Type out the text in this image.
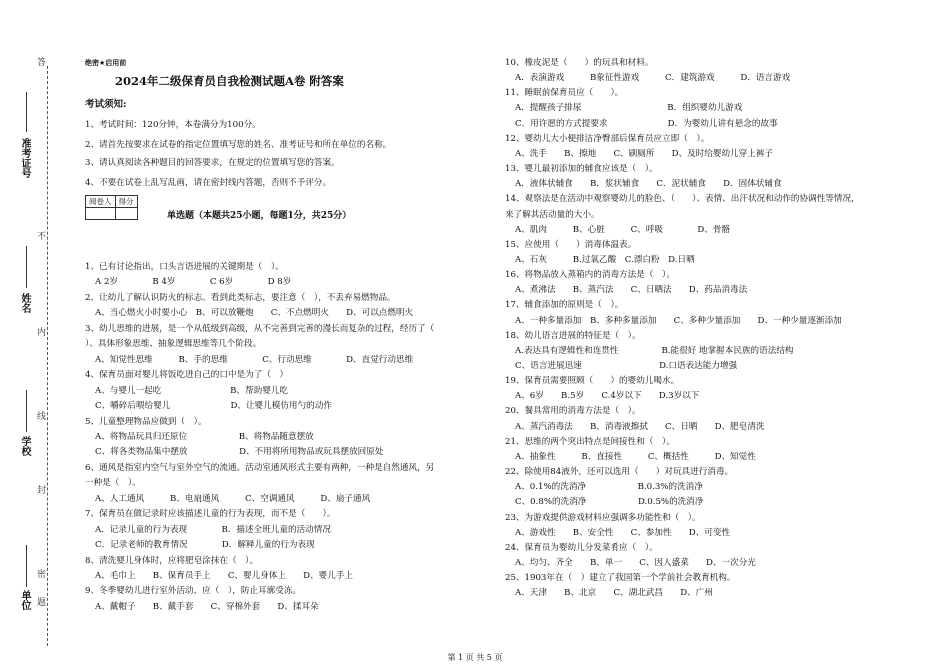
答
不
内
线
封
密
题
准考证号
姓名
学校
单位
绝密★启用前
2024年二级保育员自我检测试题A卷 附答案
考试须知:
1、考试时间：120分钟，本卷满分为100分。
2、请首先按要求在试卷的指定位置填写您的姓名、准考证号和所在单位的名称。
3、请认真阅读各种题目的回答要求，在规定的位置填写您的答案。
4、不要在试卷上乱写乱画，请在密封线内答题，否则不予评分。
阅卷人	得分

单选题（本题共25小题，每题1分，共25分）
1、已有讨论指出，口头言语进展的关键期是（　）。
A 2岁　　　　B 4岁　　　　C 6岁　　　　D 8岁
2、让幼儿了解认识防火的标志。看到此类标志，要注意（　），不丢弃易燃物品。
A、当心燃火小时要小心　B、可以放鞭炮　　C、不点燃明火　　D、可以点燃明火
3、幼儿思维的进展，是一个从低级到高级，从不完善到完善的漫长而复杂的过程，经历了（
）、具体形象思维、抽象逻辑思维等几个阶段。
A、知觉性思维　　　B、手的思维　　　　C、行动思维　　　　D、直觉行动思维
4、保育员面对婴儿将饭吃进自己的口中是为了（　）
A、与婴儿一起吃　　　　　　　　B、帮助婴儿吃
C、嚼碎后喂给婴儿　　　　　　　D、让婴儿模仿用勺的动作
5、儿童整理物品应做到（　）。
A、将物品玩具归还原位　　　　　　B、将物品随意摆放
C、将各类物品集中摆放　　　　　　D、不用将所用物品或玩具摆放回原处
6、通风是指室内空气与室外空气的流通。活动室通风形式主要有两种，一种是自然通风，另
一种是（　）。
A、人工通风　　　B、电扇通风　　　C、空调通风　　　D、扇子通风
7、保育员在做记录时应该描述儿童的行为表现，而不是（　　）。
A．记录儿童的行为表现　　　　B．描述全班儿童的活动情况
C．记录老师的教育情况　　　　D．解释儿童的行为表现
8、清洗婴儿身体时，应将肥皂涂抹在（　）。
A、毛巾上　　B、保育员手上　　C、婴儿身体上　　D、婴儿手上
9、冬季婴幼儿进行室外活动，应（　），防止耳廓受冻。
A、戴帽子　　B、戴手套　　C、穿棉外套　　D、揉耳朵
10、橡皮泥是（　　）的玩具和材料。
A．表演游戏　　　B象征性游戏　　　C．建筑游戏　　　D．语言游戏
11、睡眠前保育员应（　　）。
A．提醒孩子排尿　　　　　　　　　　B．组织婴幼儿游戏
C．用许愿的方式提要求　　　　　　　D．为婴幼儿讲有悬念的故事
12、婴幼儿大小便排洁净臀部后保育员应立即（　）。
A、洗手　　B、擦地　　C、刷厕所　　D、及时给婴幼儿穿上裤子
13、婴儿最初添加的辅食应该是（　）。
A．液体状辅食　　B．浆状辅食　　C．泥状辅食　　D．固体状辅食
14、观察法是在活动中观察婴幼儿的脸色、（　　）、表情、出汗状况和动作的协调性等情况，
来了解其活动量的大小。
A、肌肉　　　B、心脏　　　C、呼吸　　　　D、骨骼
15、应使用（　　）消毒体温表。
A、石灰　　　B.过氧乙酸　C.漂白粉　D.日晒
16、将物品放入蒸箱内的消毒方法是（　）。
A、煮沸法　　B、蒸汽法　　C、日晒法　　D、药品消毒法
17、辅食添加的原则是（　）。
A、一种多量添加　B、多种多量添加　　C、多种少量添加　　D、一种少量逐渐添加
18、幼儿语言进展的特征是（　）。
A.表达具有逻辑性和连贯性　　　　　B.能很好 地掌握本民族的语法结构
C、语言进展迅速　　　　　　　　　D.口语表达能力增强
19、保育员需要照顾（　　）的婴幼儿喝水。
A、6岁　　B.5岁　　C.4岁以下　　D.3岁以下
20、餐具常用的消毒方法是（　）。
A、蒸汽消毒法　　B、消毒液擦拭　　C、日晒　　D、肥皂清洗
21、思维的两个突出特点是间接性和（　）。
A、抽象性　　　B、直接性　　　C、概括性　　　D、知觉性
22、除使用84液外，还可以选用（　　）对玩具进行消毒。
A、0.1%的洗消净　　　　　　B.0.3%的洗消净
C、0.8%的洗消净　　　　　　D.0.5%的洗消净
23、为游戏提供游戏材料应强调多功能性和（　）。
A、游戏性　　B、安全性　　C、参加性　　D、可变性
24、保育员为婴幼儿分发菜肴应（　）。
A、均匀、齐全　　B、单一　　C、因人盛菜　　D、一次分光
25、1903年在（　）建立了我国第一个学前社会教育机构。
A、天津　　B、北京　　C、湖北武昌　　D、广州
第 1 页 共 5 页
